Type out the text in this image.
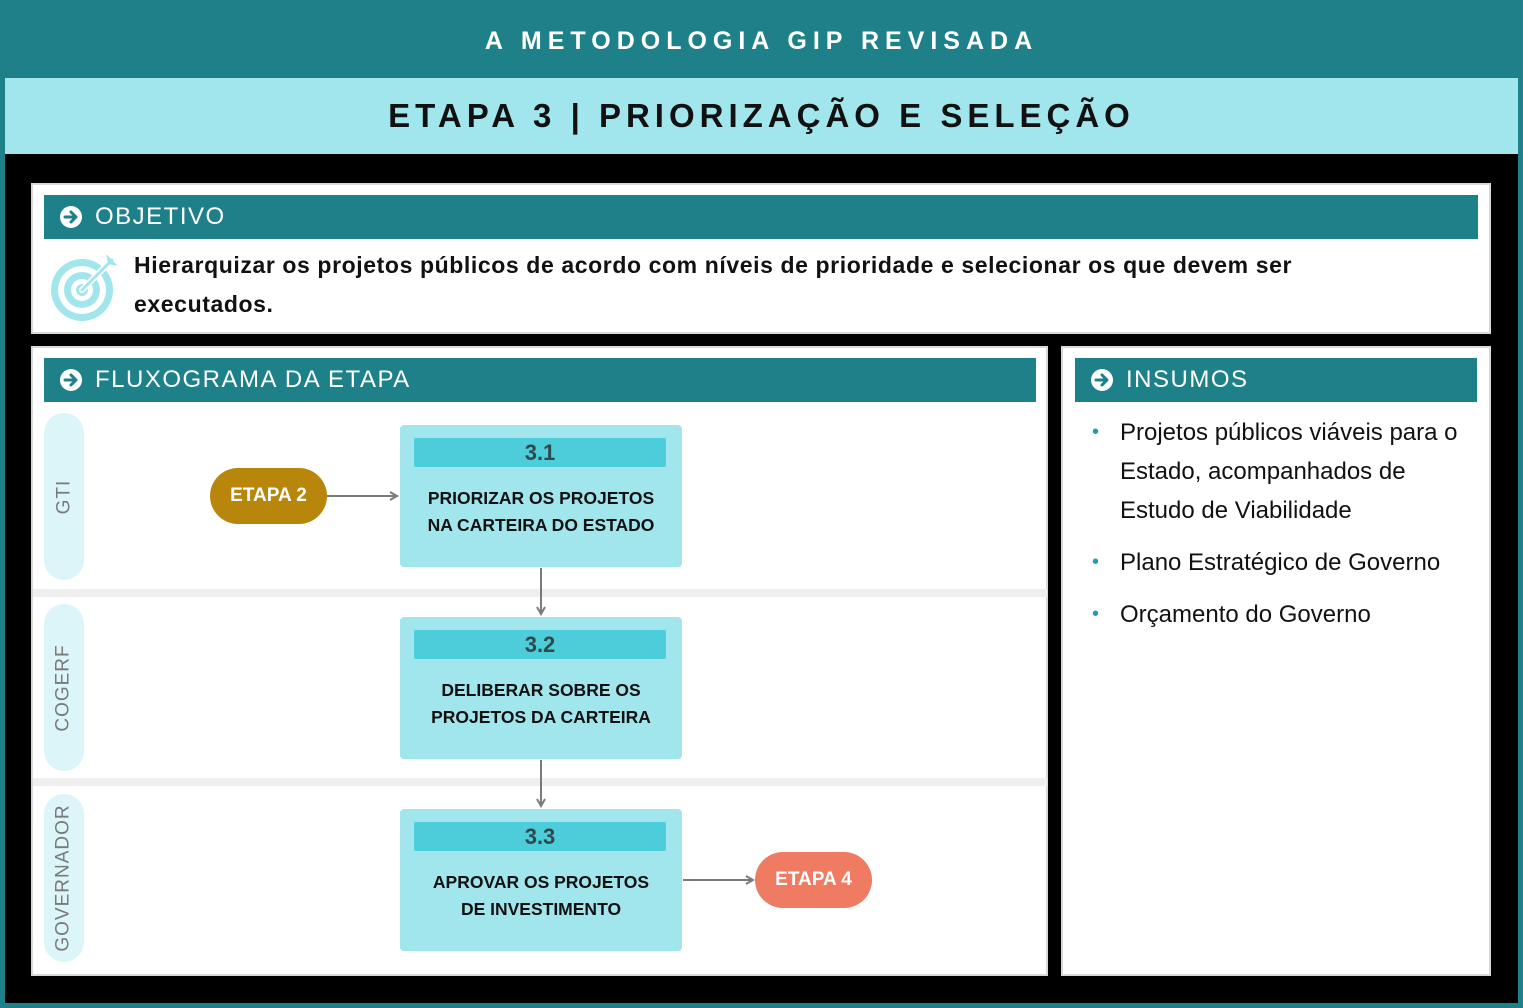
A METODOLOGIA GIP REVISADA
ETAPA 3 | PRIORIZAÇÃO E SELEÇÃO
OBJETIVO
Hierarquizar os projetos públicos de acordo com níveis de prioridade e selecionar os que devem ser executados.
FLUXOGRAMA DA ETAPA
GTI
COGERF
GOVERNADOR
ETAPA 2
3.1
PRIORIZAR OS PROJETOS
NA CARTEIRA DO ESTADO
3.2
DELIBERAR SOBRE OS
PROJETOS DA CARTEIRA
3.3
APROVAR OS PROJETOS
DE INVESTIMENTO
ETAPA 4
INSUMOS
• Projetos públicos viáveis para o Estado, acompanhados de Estudo de Viabilidade
• Plano Estratégico de Governo
• Orçamento do Governo
